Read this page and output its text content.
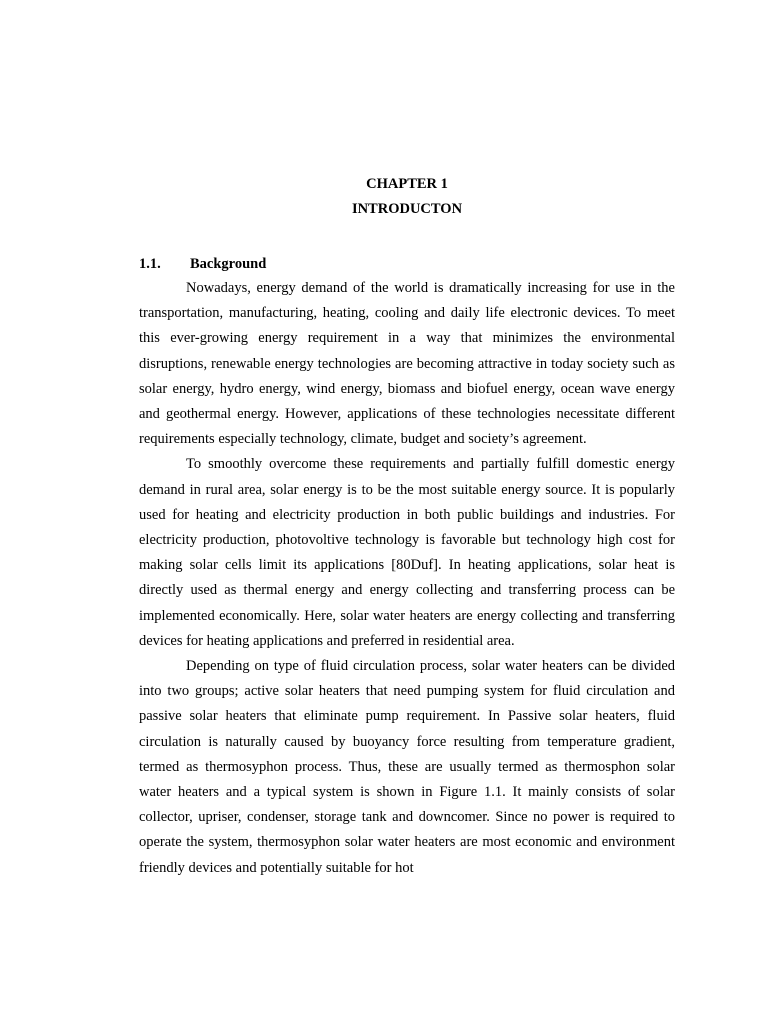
CHAPTER 1
INTRODUCTON
1.1. Background

Nowadays, energy demand of the world is dramatically increasing for use in the transportation, manufacturing, heating, cooling and daily life electronic devices. To meet this ever-growing energy requirement in a way that minimizes the environmental disruptions, renewable energy technologies are becoming attractive in today society such as solar energy, hydro energy, wind energy, biomass and biofuel energy, ocean wave energy and geothermal energy. However, applications of these technologies necessitate different requirements especially technology, climate, budget and society’s agreement.

To smoothly overcome these requirements and partially fulfill domestic energy demand in rural area, solar energy is to be the most suitable energy source. It is popularly used for heating and electricity production in both public buildings and industries. For electricity production, photovoltive technology is favorable but technology high cost for making solar cells limit its applications [80Duf]. In heating applications, solar heat is directly used as thermal energy and energy collecting and transferring process can be implemented economically. Here, solar water heaters are energy collecting and transferring devices for heating applications and preferred in residential area.

Depending on type of fluid circulation process, solar water heaters can be divided into two groups; active solar heaters that need pumping system for fluid circulation and passive solar heaters that eliminate pump requirement. In Passive solar heaters, fluid circulation is naturally caused by buoyancy force resulting from temperature gradient, termed as thermosyphon process. Thus, these are usually termed as thermosphon solar water heaters and a typical system is shown in Figure 1.1. It mainly consists of solar collector, upriser, condenser, storage tank and downcomer. Since no power is required to operate the system, thermosyphon solar water heaters are most economic and environment friendly devices and potentially suitable for hot
